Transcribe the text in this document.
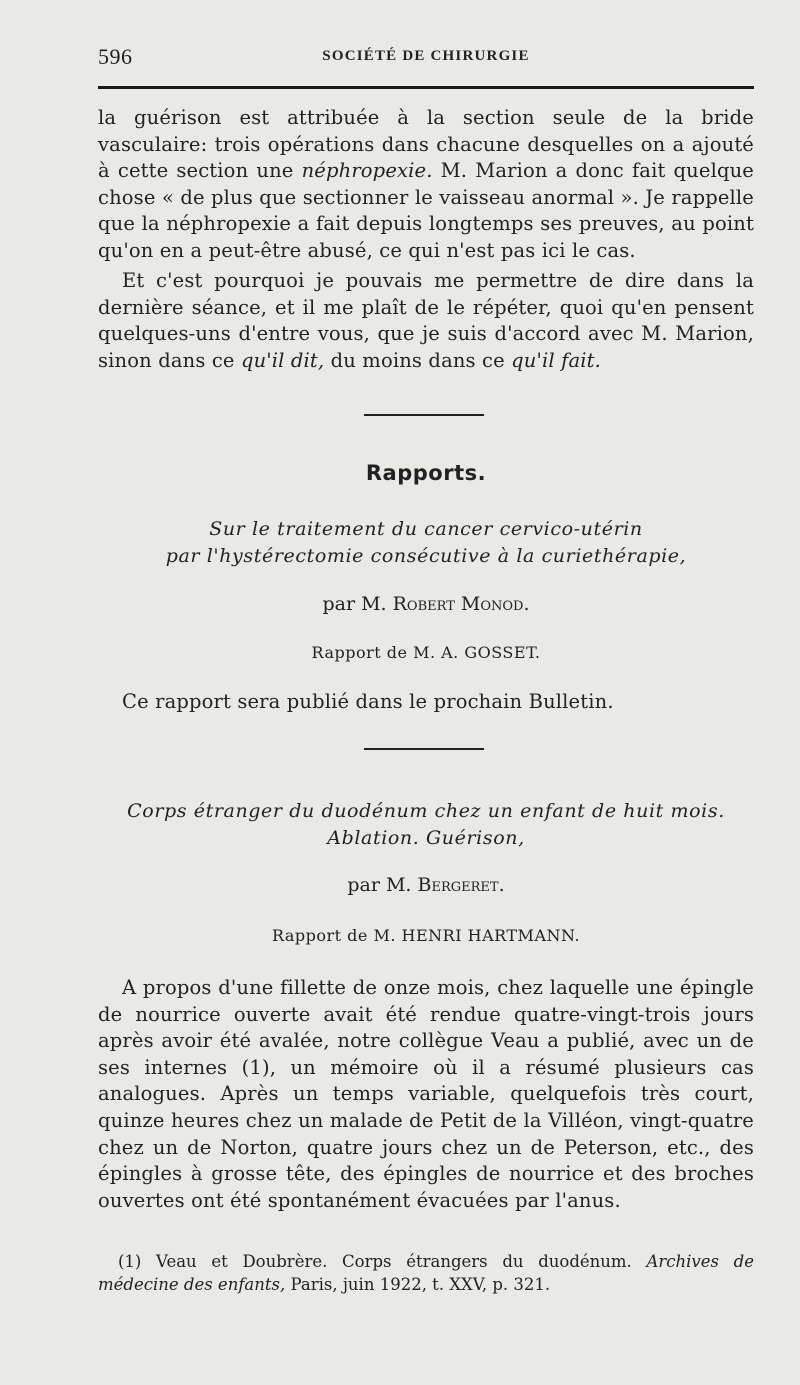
596	SOCIÉTÉ DE CHIRURGIE

la guérison est attribuée à la section seule de la bride vasculaire: trois opérations dans chacune desquelles on a ajouté à cette section une néphropexie. M. Marion a donc fait quelque chose « de plus que sectionner le vaisseau anormal ». Je rappelle que la néphropexie a fait depuis longtemps ses preuves, au point qu'on en a peut-être abusé, ce qui n'est pas ici le cas.

Et c'est pourquoi je pouvais me permettre de dire dans la dernière séance, et il me plaît de le répéter, quoi qu'en pensent quelques-uns d'entre vous, que je suis d'accord avec M. Marion, sinon dans ce qu'il dit, du moins dans ce qu'il fait.

Rapports.
Sur le traitement du cancer cervico-utérin
par l'hystérectomie consécutive à la curiethérapie,
par M. Robert Monod.
Rapport de M. A. GOSSET.

Ce rapport sera publié dans le prochain Bulletin.

Corps étranger du duodénum chez un enfant de huit mois.
Ablation. Guérison,
par M. Bergeret.
Rapport de M. HENRI HARTMANN.

A propos d'une fillette de onze mois, chez laquelle une épingle de nourrice ouverte avait été rendue quatre-vingt-trois jours après avoir été avalée, notre collègue Veau a publié, avec un de ses internes (1), un mémoire où il a résumé plusieurs cas analogues. Après un temps variable, quelquefois très court, quinze heures chez un malade de Petit de la Villéon, vingt-quatre chez un de Norton, quatre jours chez un de Peterson, etc., des épingles à grosse tête, des épingles de nourrice et des broches ouvertes ont été spontanément évacuées par l'anus.

(1) Veau et Doubrère. Corps étrangers du duodénum. Archives de médecine des enfants, Paris, juin 1922, t. XXV, p. 321.
